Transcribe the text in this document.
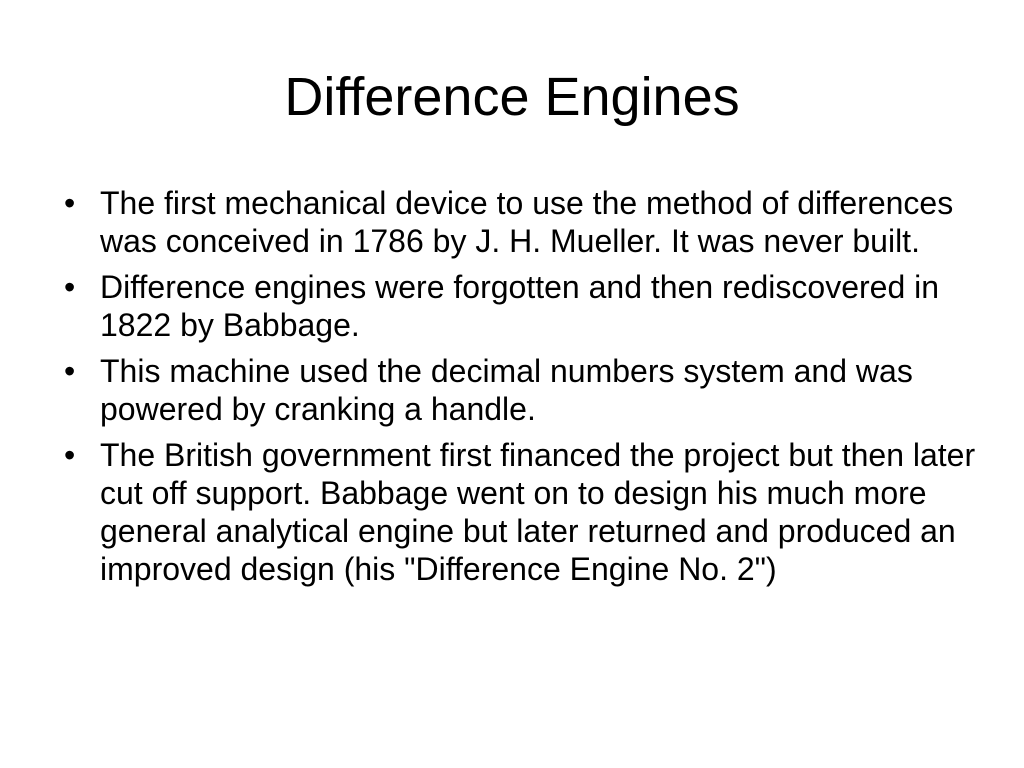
Difference Engines
• The first mechanical device to use the method of differences was conceived in 1786 by J. H. Mueller. It was never built.
• Difference engines were forgotten and then rediscovered in 1822 by Babbage.
• This machine used the decimal numbers system and was powered by cranking a handle.
• The British government first financed the project but then later cut off support. Babbage went on to design his much more general analytical engine but later returned and produced an improved design (his "Difference Engine No. 2")
